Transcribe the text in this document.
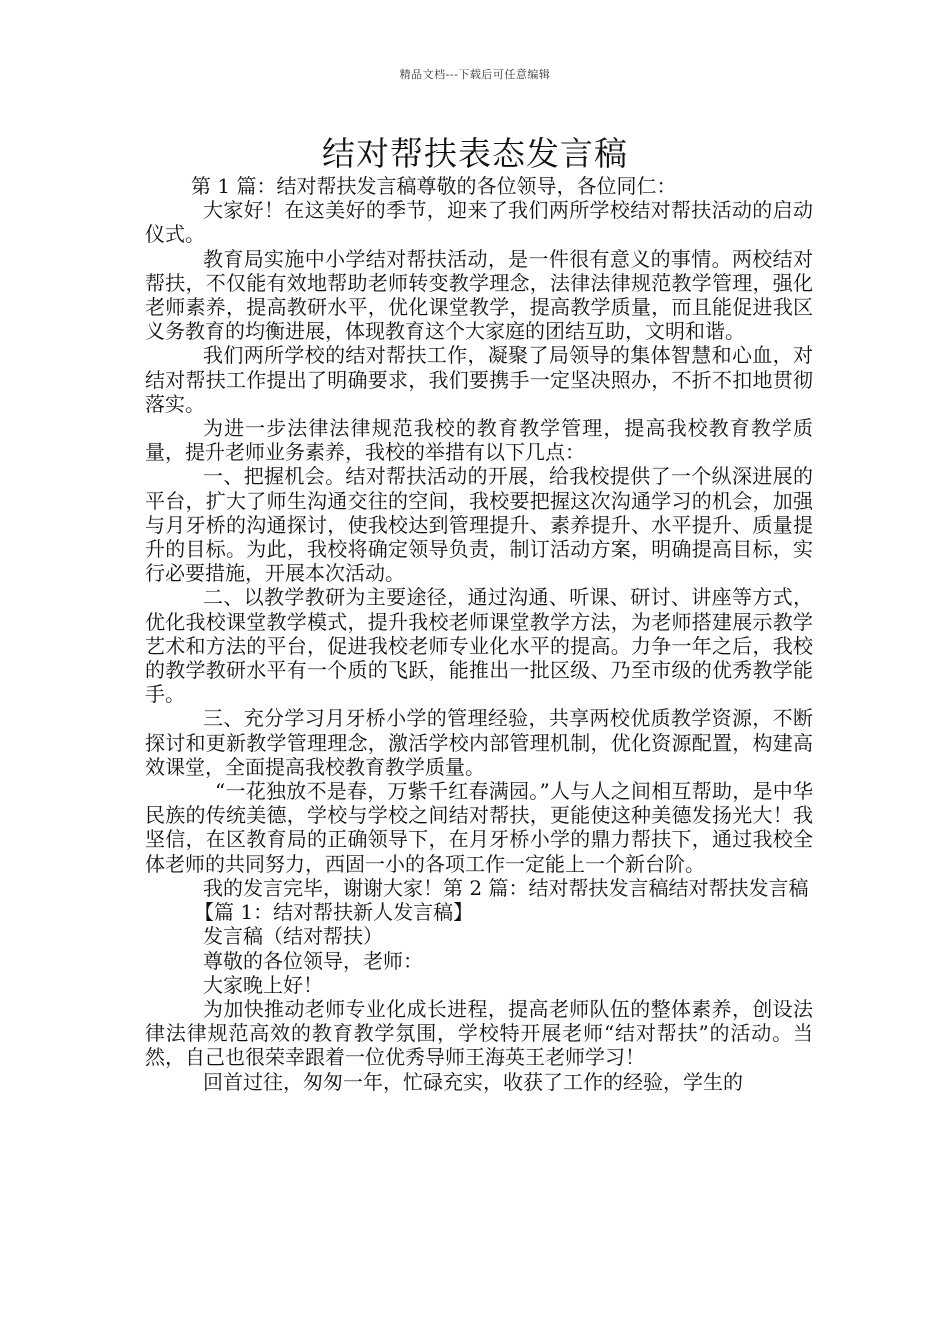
精品文档---下载后可任意编辑
结对帮扶表态发言稿

第 1 篇：结对帮扶发言稿尊敬的各位领导，各位同仁：

大家好！在这美好的季节，迎来了我们两所学校结对帮扶活动的启动仪式。

教育局实施中小学结对帮扶活动，是一件很有意义的事情。两校结对帮扶，不仅能有效地帮助老师转变教学理念，法律法律规范教学管理，强化老师素养，提高教研水平，优化课堂教学，提高教学质量，而且能促进我区义务教育的均衡进展，体现教育这个大家庭的团结互助，文明和谐。

我们两所学校的结对帮扶工作，凝聚了局领导的集体智慧和心血，对结对帮扶工作提出了明确要求，我们要携手一定坚决照办，不折不扣地贯彻落实。

为进一步法律法律规范我校的教育教学管理，提高我校教育教学质量，提升老师业务素养，我校的举措有以下几点：

一、把握机会。结对帮扶活动的开展，给我校提供了一个纵深进展的平台，扩大了师生沟通交往的空间，我校要把握这次沟通学习的机会，加强与月牙桥的沟通探讨，使我校达到管理提升、素养提升、水平提升、质量提升的目标。为此，我校将确定领导负责，制订活动方案，明确提高目标，实行必要措施，开展本次活动。

二、以教学教研为主要途径，通过沟通、听课、研讨、讲座等方式，优化我校课堂教学模式，提升我校老师课堂教学方法，为老师搭建展示教学艺术和方法的平台，促进我校老师专业化水平的提高。力争一年之后，我校的教学教研水平有一个质的飞跃，能推出一批区级、乃至市级的优秀教学能手。

三、充分学习月牙桥小学的管理经验，共享两校优质教学资源，不断探讨和更新教学管理理念，激活学校内部管理机制，优化资源配置，构建高效课堂，全面提高我校教育教学质量。

“一花独放不是春，万紫千红春满园。”人与人之间相互帮助，是中华民族的传统美德，学校与学校之间结对帮扶，更能使这种美德发扬光大！我坚信，在区教育局的正确领导下，在月牙桥小学的鼎力帮扶下，通过我校全体老师的共同努力，西固一小的各项工作一定能上一个新台阶。

我的发言完毕，谢谢大家！第 2 篇：结对帮扶发言稿结对帮扶发言稿

【篇 1：结对帮扶新人发言稿】

发言稿（结对帮扶）

尊敬的各位领导，老师：

大家晚上好！

为加快推动老师专业化成长进程，提高老师队伍的整体素养，创设法律法律规范高效的教育教学氛围，学校特开展老师“结对帮扶”的活动。当然，自己也很荣幸跟着一位优秀导师王海英王老师学习！

回首过往，匆匆一年，忙碌充实，收获了工作的经验，学生的
